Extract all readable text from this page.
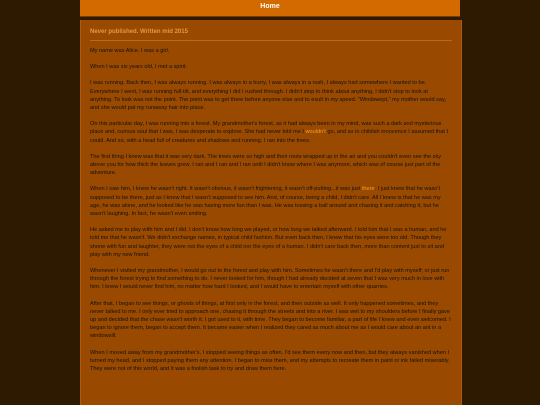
Home
Never published. Written mid 2015

My name was Alice. I was a girl.

When I was six years old, I met a spirit.

I was running. Back then, I was always running. I was always in a hurry, I was always in a rush, I always had somewhere I wanted to be. Everywhere I went, I was running full-tilt, and everything I did I rushed through. I didn't stop to think about anything, I didn't stop to look at anything. To look was not the point. The point was to get there before anyone else and to exult in my speed. “Windswept,” my mother would say, and she would pat my runaway hair into place.

On this particular day, I was running into a forest. My grandmother's forest, as it had always been in my mind, was such a dark and mysterious place and, curious soul that I was, I was desperate to explore. She had never told me I wouldn't go, and so in childish innocence I assumed that I could. And so, with a head full of creatures and shadows and running, I ran into the trees.

The first thing I knew was that it was very dark. The trees were so high and their roots wrapped up in the air and you couldn't even see the sky above you for how thick the leaves grew. I ran and I ran and I ran until I didn't know where I was anymore, which was of course just part of the adventure.

When I saw him, I knew he wasn't right. It wasn't obvious, it wasn't frightening, it wasn't off-putting...it was just there. I just knew that he wasn't supposed to be there, just as I knew that I wasn't supposed to see him. And, of course, being a child, I didn't care. All I knew is that he was my age, he was alone, and he looked like he was having more fun than I was. He was tossing a ball around and chasing it and catching it, but he wasn't laughing. In fact, he wasn't even smiling.

He asked me to play with him and I did. I don't know how long we played, or how long we talked afterward. I told him that I was a human, and he told me that he wasn't. We didn't exchange names, in typical child fashion. But even back then, I knew that his eyes were too old. Though they shone with fun and laughter, they were not the eyes of a child nor the eyes of a human. I didn't care back then, more than content just to sit and play with my new friend.

Whenever I visited my grandmother, I would go out to the forest and play with him. Sometimes he wasn't there and I'd play with myself; or just run through the forest trying to find something to do. I never looked for him, though I had already decided at seven that I was very much in love with him. I knew I would never find him, no matter how hard I looked, and I would have to entertain myself with other quarries.

After that, I began to see things, or ghosts of things, at first only in the forest, and then outside as well. It only happened sometimes, and they never talked to me. I only ever tried to approach one, chasing it through the streets and into a river. I was wet to my shoulders before I finally gave up and decided that the chase wasn't worth it. I got used to it, with time. They began to become familiar, a part of life I knew and even welcomed. I began to ignore them, began to accept them. It became easier when I realized they cared as much about me as I would care about an ant in a windowsill.

When I moved away from my grandmother's, I stopped seeing things as often. I'd see them every now and then, but they always vanished when I turned my head, and I stopped paying them any attention. I began to miss them, and my attempts to recreate them in paint or ink failed miserably. They were not of this world, and it was a foolish task to try and draw them here.
